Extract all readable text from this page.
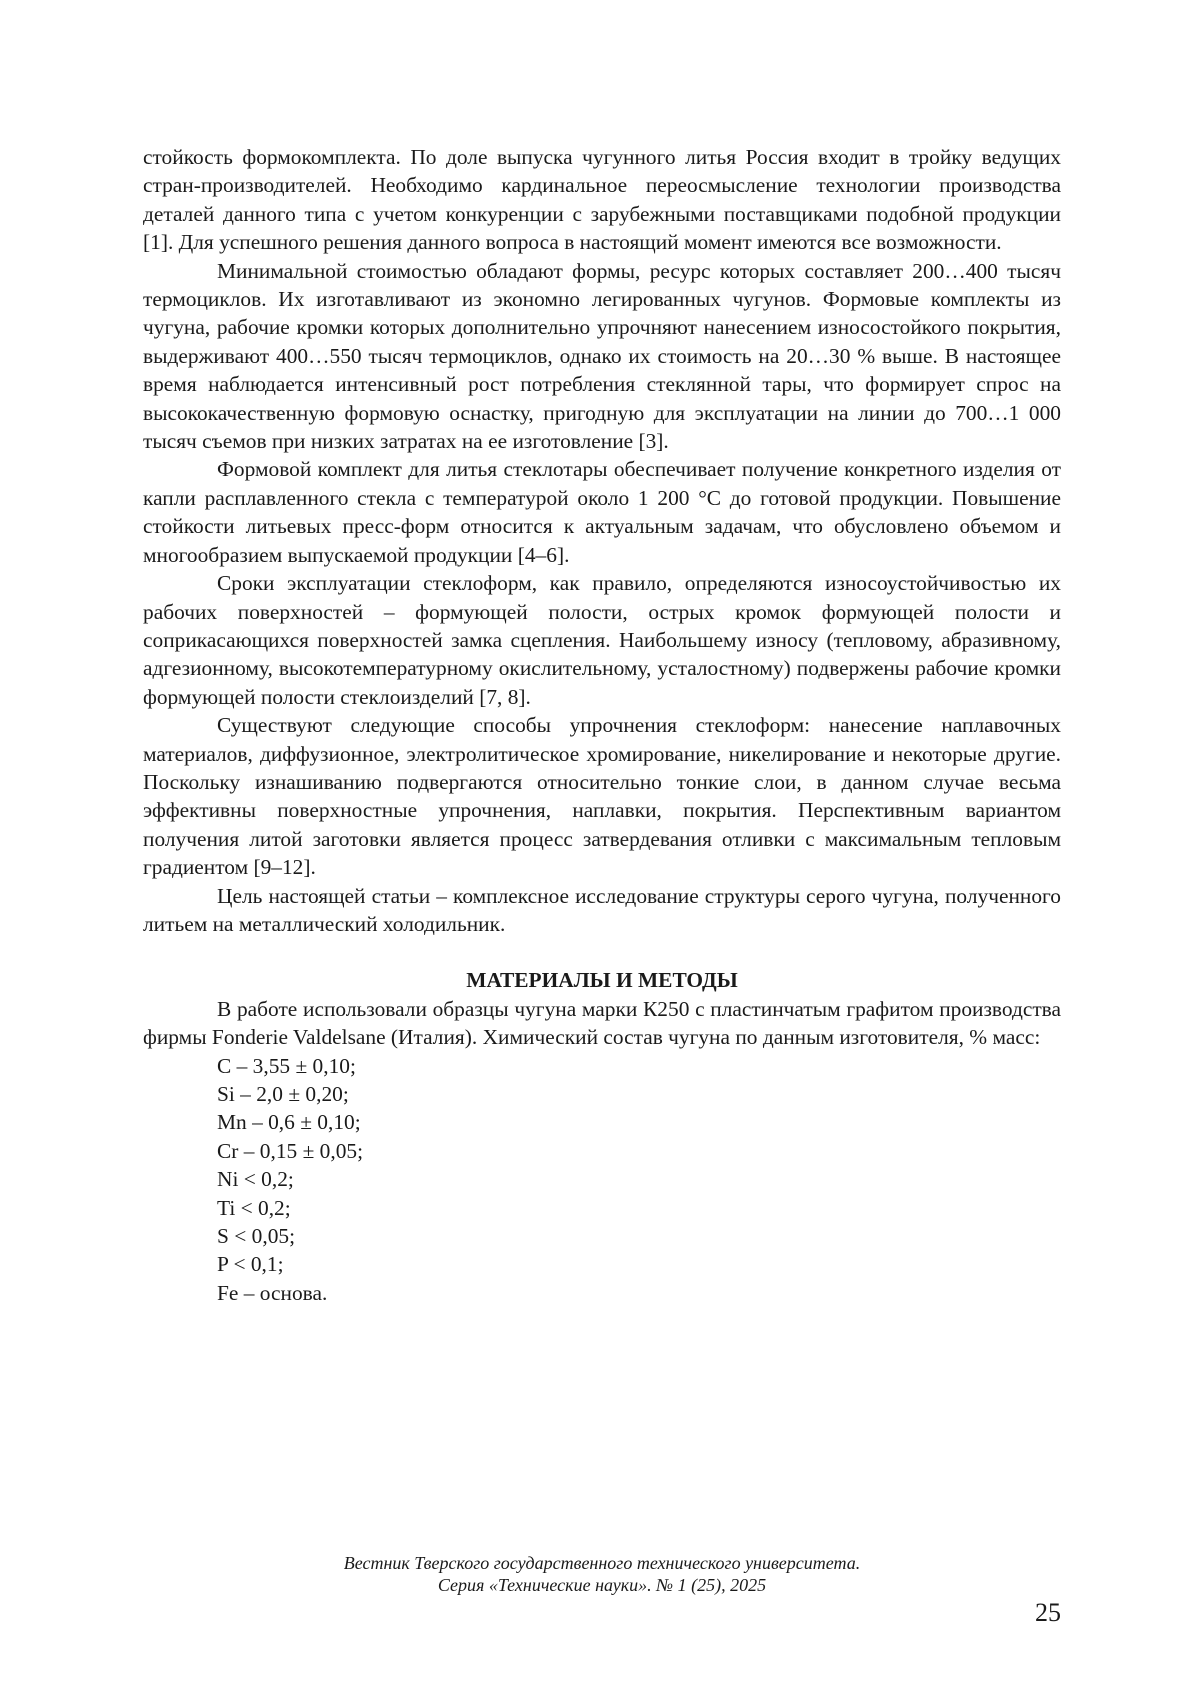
стойкость формокомплекта. По доле выпуска чугунного литья Россия входит в тройку ведущих стран-производителей. Необходимо кардинальное переосмысление технологии производства деталей данного типа с учетом конкуренции с зарубежными поставщиками подобной продукции [1]. Для успешного решения данного вопроса в настоящий момент имеются все возможности.

Минимальной стоимостью обладают формы, ресурс которых составляет 200…400 тысяч термоциклов. Их изготавливают из экономно легированных чугунов. Формовые комплекты из чугуна, рабочие кромки которых дополнительно упрочняют нанесением износостойкого покрытия, выдерживают 400…550 тысяч термоциклов, однако их стоимость на 20…30 % выше. В настоящее время наблюдается интенсивный рост потребления стеклянной тары, что формирует спрос на высококачественную формовую оснастку, пригодную для эксплуатации на линии до 700…1 000 тысяч съемов при низких затратах на ее изготовление [3].

Формовой комплект для литья стеклотары обеспечивает получение конкретного изделия от капли расплавленного стекла с температурой около 1 200 °С до готовой продукции. Повышение стойкости литьевых пресс-форм относится к актуальным задачам, что обусловлено объемом и многообразием выпускаемой продукции [4–6].

Сроки эксплуатации стеклоформ, как правило, определяются износоустойчивостью их рабочих поверхностей – формующей полости, острых кромок формующей полости и соприкасающихся поверхностей замка сцепления. Наибольшему износу (тепловому, абразивному, адгезионному, высокотемпературному окислительному, усталостному) подвержены рабочие кромки формующей полости стеклоизделий [7, 8].

Существуют следующие способы упрочнения стеклоформ: нанесение наплавочных материалов, диффузионное, электролитическое хромирование, никелирование и некоторые другие. Поскольку изнашиванию подвергаются относительно тонкие слои, в данном случае весьма эффективны поверхностные упрочнения, наплавки, покрытия. Перспективным вариантом получения литой заготовки является процесс затвердевания отливки с максимальным тепловым градиентом [9–12].

Цель настоящей статьи – комплексное исследование структуры серого чугуна, полученного литьем на металлический холодильник.

МАТЕРИАЛЫ И МЕТОДЫ

В работе использовали образцы чугуна марки К250 с пластинчатым графитом производства фирмы Fonderie Valdelsane (Италия). Химический состав чугуна по данным изготовителя, % масс:

C – 3,55 ± 0,10;
Si – 2,0 ± 0,20;
Mn – 0,6 ± 0,10;
Cr – 0,15 ± 0,05;
Ni < 0,2;
Ti < 0,2;
S < 0,05;
P < 0,1;
Fe – основа.
Вестник Тверского государственного технического университета.
Серия «Технические науки». № 1 (25), 2025
25
